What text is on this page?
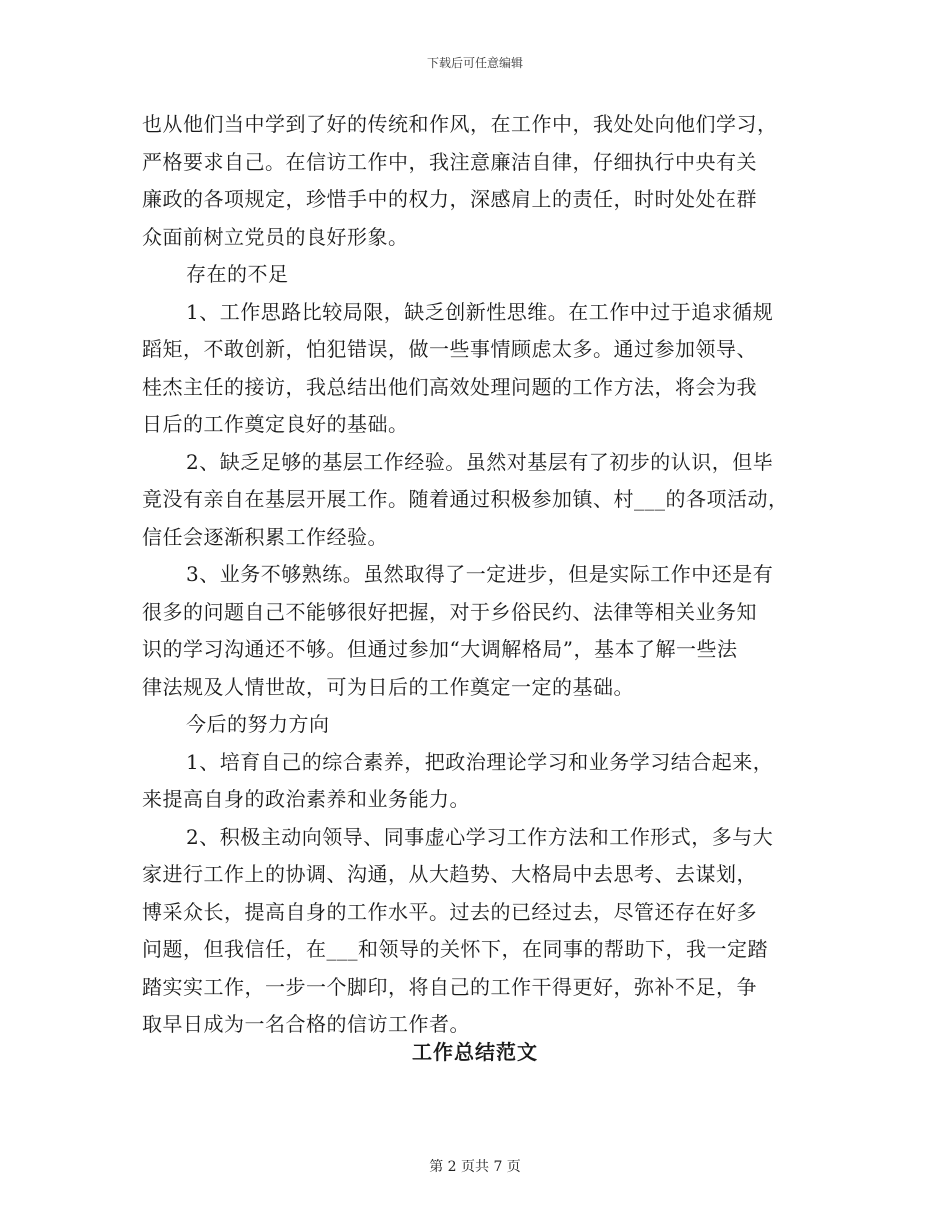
下载后可任意编辑
也从他们当中学到了好的传统和作风，在工作中，我处处向他们学习，
严格要求自己。在信访工作中，我注意廉洁自律，仔细执行中央有关
廉政的各项规定，珍惜手中的权力，深感肩上的责任，时时处处在群
众面前树立党员的良好形象。
存在的不足
1、工作思路比较局限，缺乏创新性思维。在工作中过于追求循规
蹈矩，不敢创新，怕犯错误，做一些事情顾虑太多。通过参加领导、
桂杰主任的接访，我总结出他们高效处理问题的工作方法，将会为我
日后的工作奠定良好的基础。
2、缺乏足够的基层工作经验。虽然对基层有了初步的认识，但毕
竟没有亲自在基层开展工作。随着通过积极参加镇、村___的各项活动，
信任会逐渐积累工作经验。
3、业务不够熟练。虽然取得了一定进步，但是实际工作中还是有
很多的问题自己不能够很好把握，对于乡俗民约、法律等相关业务知
识的学习沟通还不够。但通过参加“大调解格局”，基本了解一些法
律法规及人情世故，可为日后的工作奠定一定的基础。
今后的努力方向
1、培育自己的综合素养，把政治理论学习和业务学习结合起来，
来提高自身的政治素养和业务能力。
2、积极主动向领导、同事虚心学习工作方法和工作形式，多与大
家进行工作上的协调、沟通，从大趋势、大格局中去思考、去谋划，
博采众长，提高自身的工作水平。过去的已经过去，尽管还存在好多
问题，但我信任，在___和领导的关怀下，在同事的帮助下，我一定踏
踏实实工作，一步一个脚印，将自己的工作干得更好，弥补不足，争
取早日成为一名合格的信访工作者。
工作总结范文
第 2 页共 7 页
